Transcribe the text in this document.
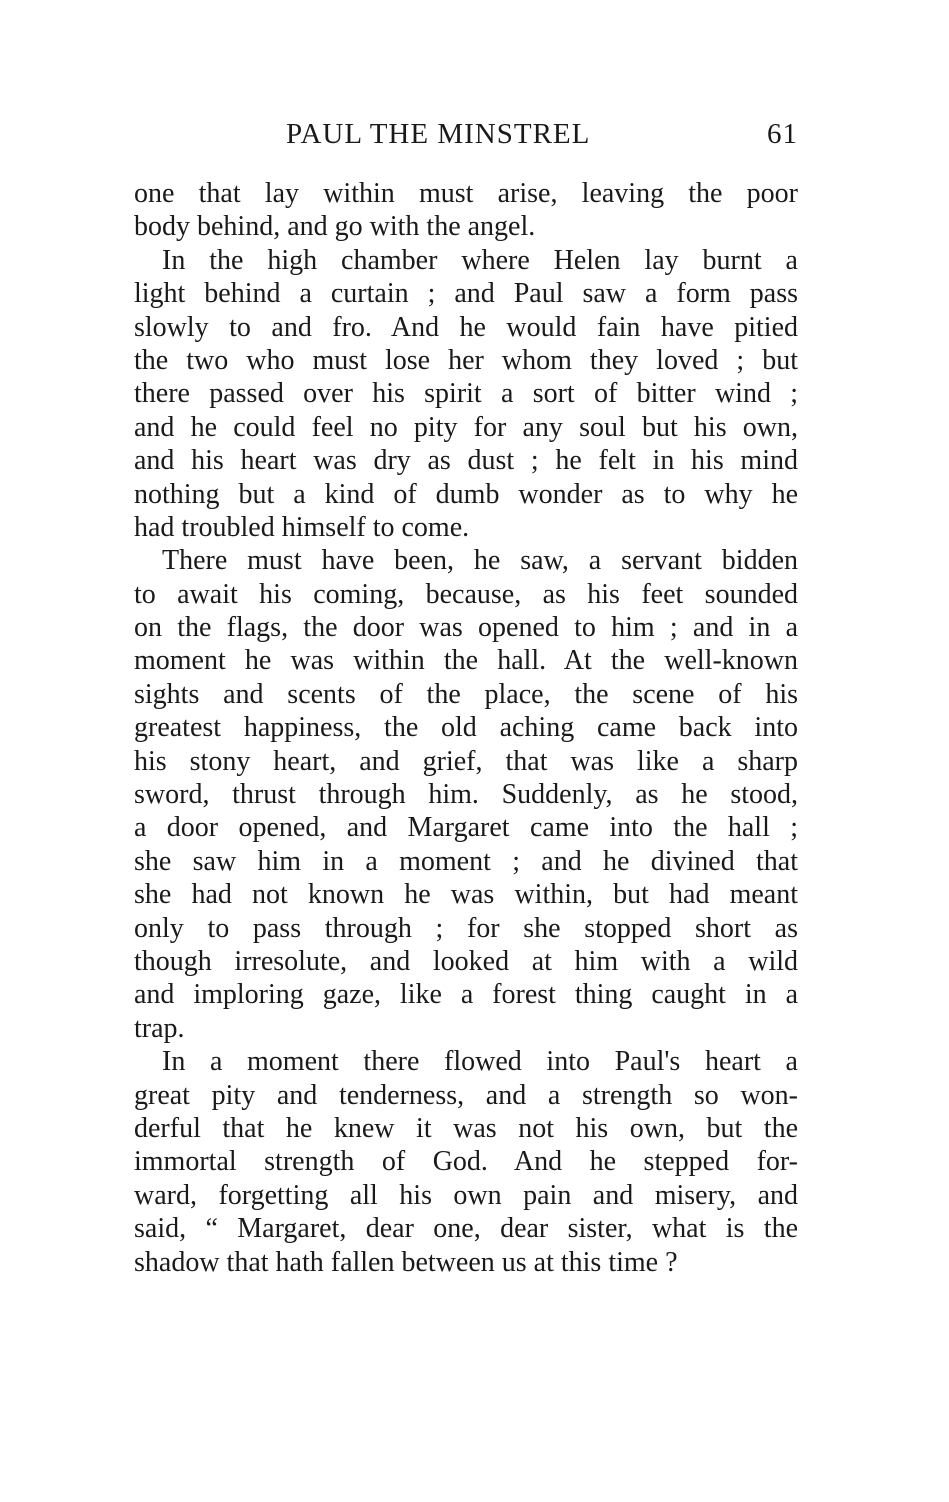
PAUL THE MINSTREL	61
one that lay within must arise, leaving the poor
body behind, and go with the angel.
In the high chamber where Helen lay burnt a
light behind a curtain ; and Paul saw a form pass
slowly to and fro. And he would fain have pitied
the two who must lose her whom they loved ; but
there passed over his spirit a sort of bitter wind ;
and he could feel no pity for any soul but his own,
and his heart was dry as dust ; he felt in his mind
nothing but a kind of dumb wonder as to why he
had troubled himself to come.
There must have been, he saw, a servant bidden
to await his coming, because, as his feet sounded
on the flags, the door was opened to him ; and in a
moment he was within the hall. At the well-known
sights and scents of the place, the scene of his
greatest happiness, the old aching came back into
his stony heart, and grief, that was like a sharp
sword, thrust through him. Suddenly, as he stood,
a door opened, and Margaret came into the hall ;
she saw him in a moment ; and he divined that
she had not known he was within, but had meant
only to pass through ; for she stopped short as
though irresolute, and looked at him with a wild
and imploring gaze, like a forest thing caught in a
trap.
In a moment there flowed into Paul's heart a
great pity and tenderness, and a strength so won-
derful that he knew it was not his own, but the
immortal strength of God. And he stepped for-
ward, forgetting all his own pain and misery, and
said, “ Margaret, dear one, dear sister, what is the
shadow that hath fallen between us at this time ?
